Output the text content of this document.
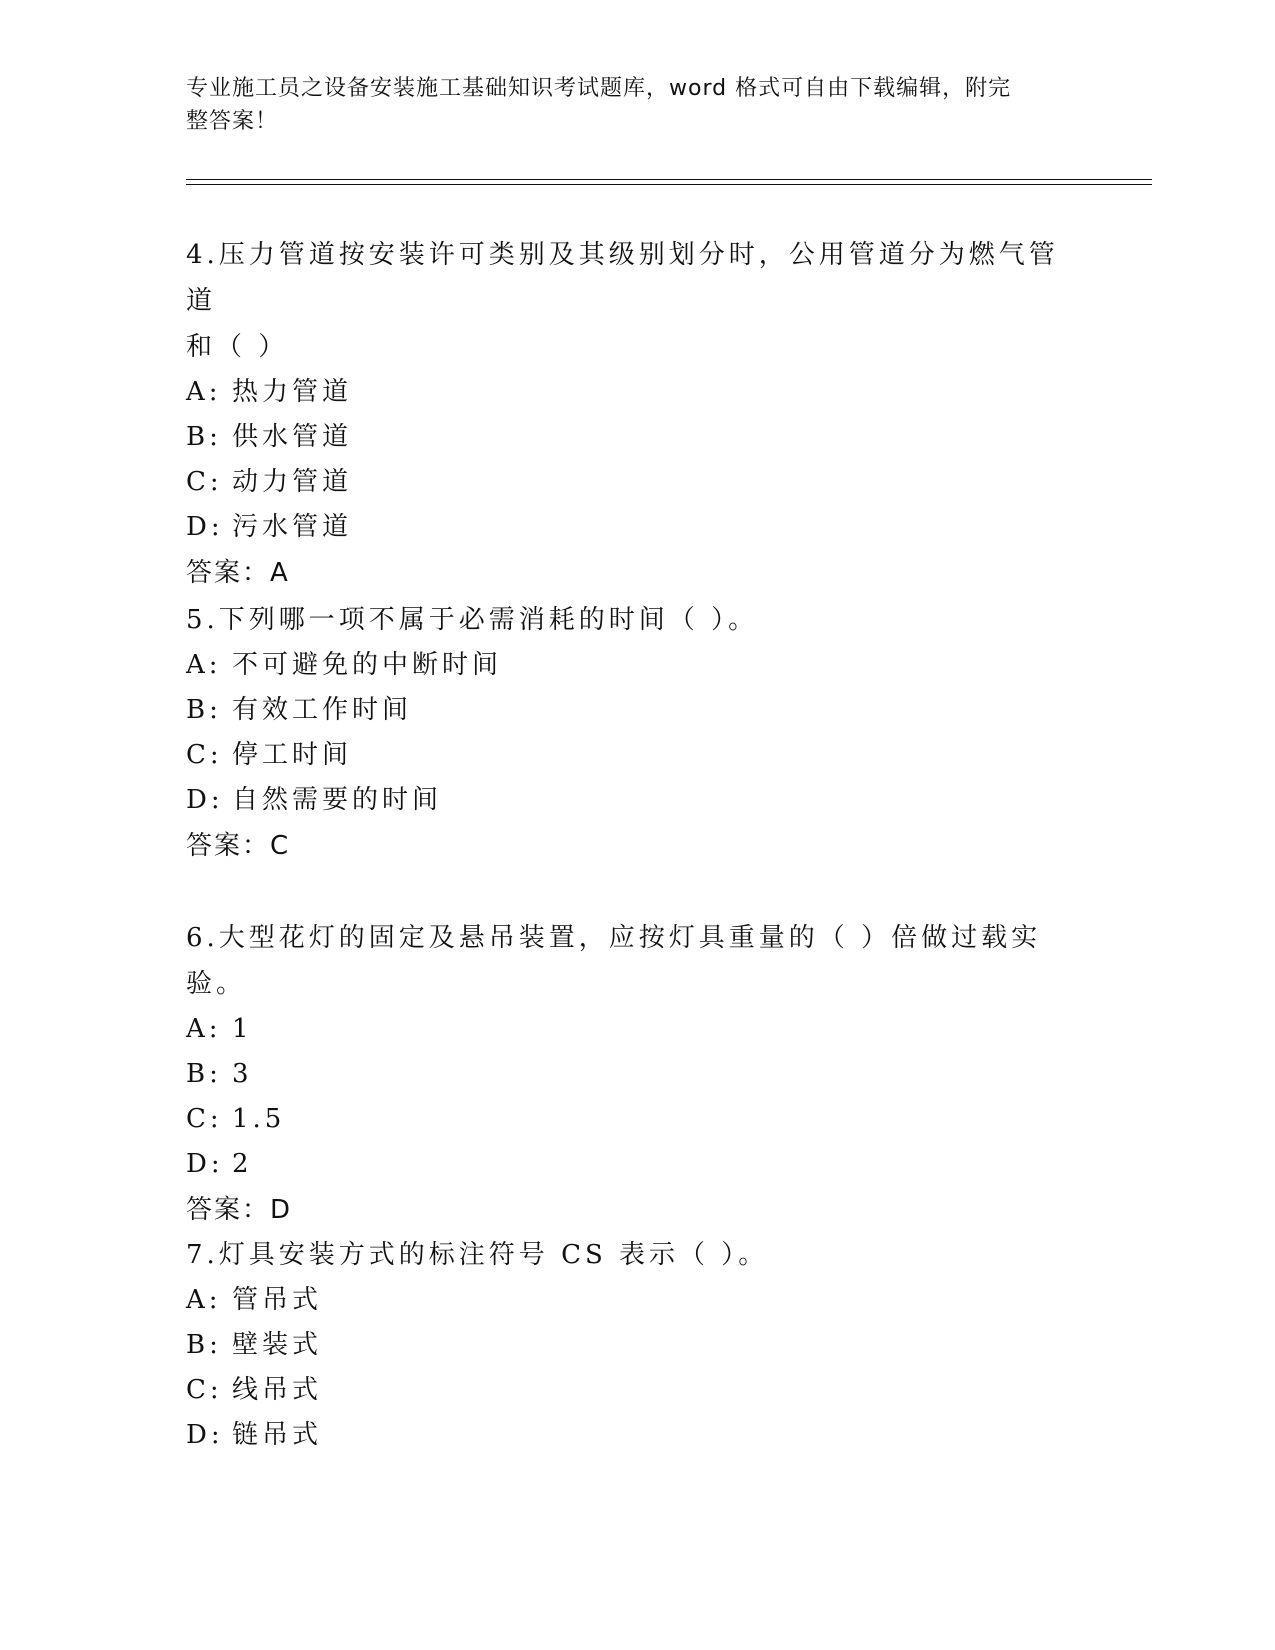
专业施工员之设备安装施工基础知识考试题库，word 格式可自由下载编辑，附完
整答案！

4.压力管道按安装许可类别及其级别划分时，公用管道分为燃气管道

和（ ）

A: 热力管道

B: 供水管道

C: 动力管道

D: 污水管道

答案：A

5.下列哪一项不属于必需消耗的时间（ ）。

A: 不可避免的中断时间

B: 有效工作时间

C: 停工时间

D: 自然需要的时间

答案：C

6.大型花灯的固定及悬吊装置，应按灯具重量的（ ）倍做过载实验。

A: 1

B: 3

C: 1.5

D: 2

答案：D

7.灯具安装方式的标注符号 CS 表示（ ）。

A: 管吊式

B: 壁装式

C: 线吊式

D: 链吊式
